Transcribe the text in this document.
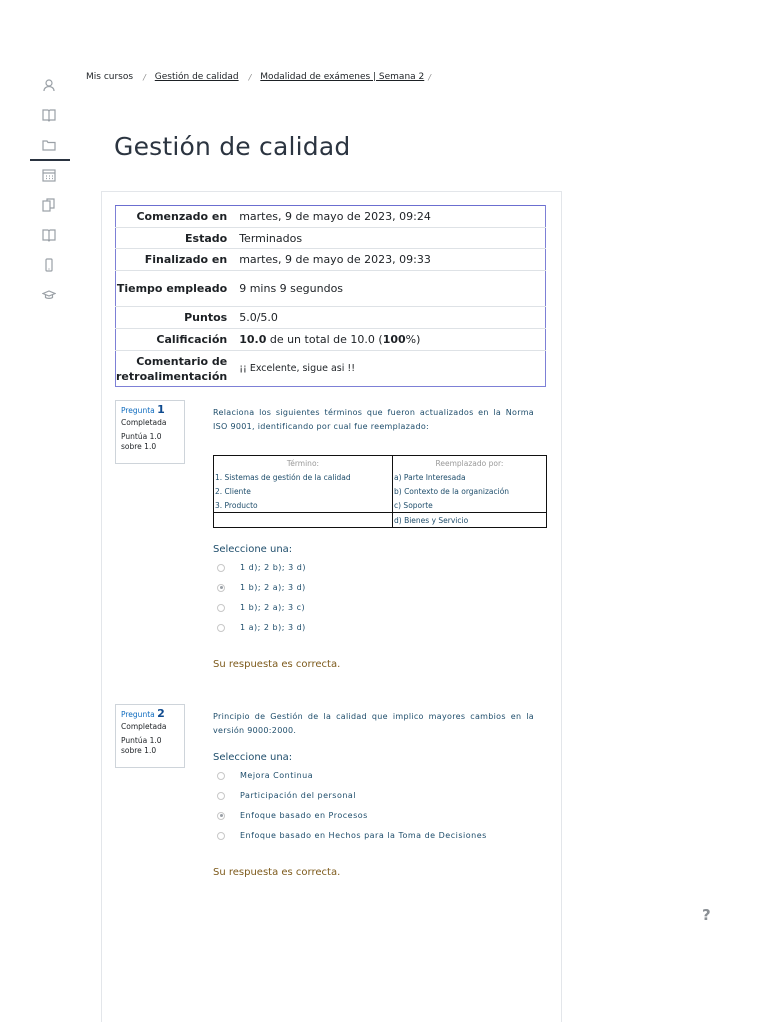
Mis cursos / Gestión de calidad / Modalidad de exámenes | Semana 2 /
Gestión de calidad
Comenzado en	martes, 9 de mayo de 2023, 09:24
Estado	Terminados
Finalizado en	martes, 9 de mayo de 2023, 09:33
Tiempo empleado	9 mins 9 segundos
Puntos	5.0/5.0
Calificación	10.0 de un total de 10.0 (100%)
Comentario de retroalimentación	¡¡ Excelente, sigue asi !!
Pregunta 1
Completada
Puntúa 1.0
sobre 1.0
Relaciona los siguientes términos que fueron actualizados en la Norma ISO 9001, identificando por cual fue reemplazado:
Término:	Reemplazado por:
1. Sistemas de gestión de la calidad	a) Parte Interesada
2. Cliente	b) Contexto de la organización
3. Producto	c) Soporte
	d) Bienes y Servicio
Seleccione una:
1 d); 2 b); 3 d)
1 b); 2 a); 3 d)
1 b); 2 a); 3 c)
1 a); 2 b); 3 d)
Su respuesta es correcta.
Pregunta 2
Completada
Puntúa 1.0
sobre 1.0
Principio de Gestión de la calidad que implico mayores cambios en la versión 9000:2000.
Seleccione una:
Mejora Continua
Participación del personal
Enfoque basado en Procesos
Enfoque basado en Hechos para la Toma de Decisiones
Su respuesta es correcta.
?
